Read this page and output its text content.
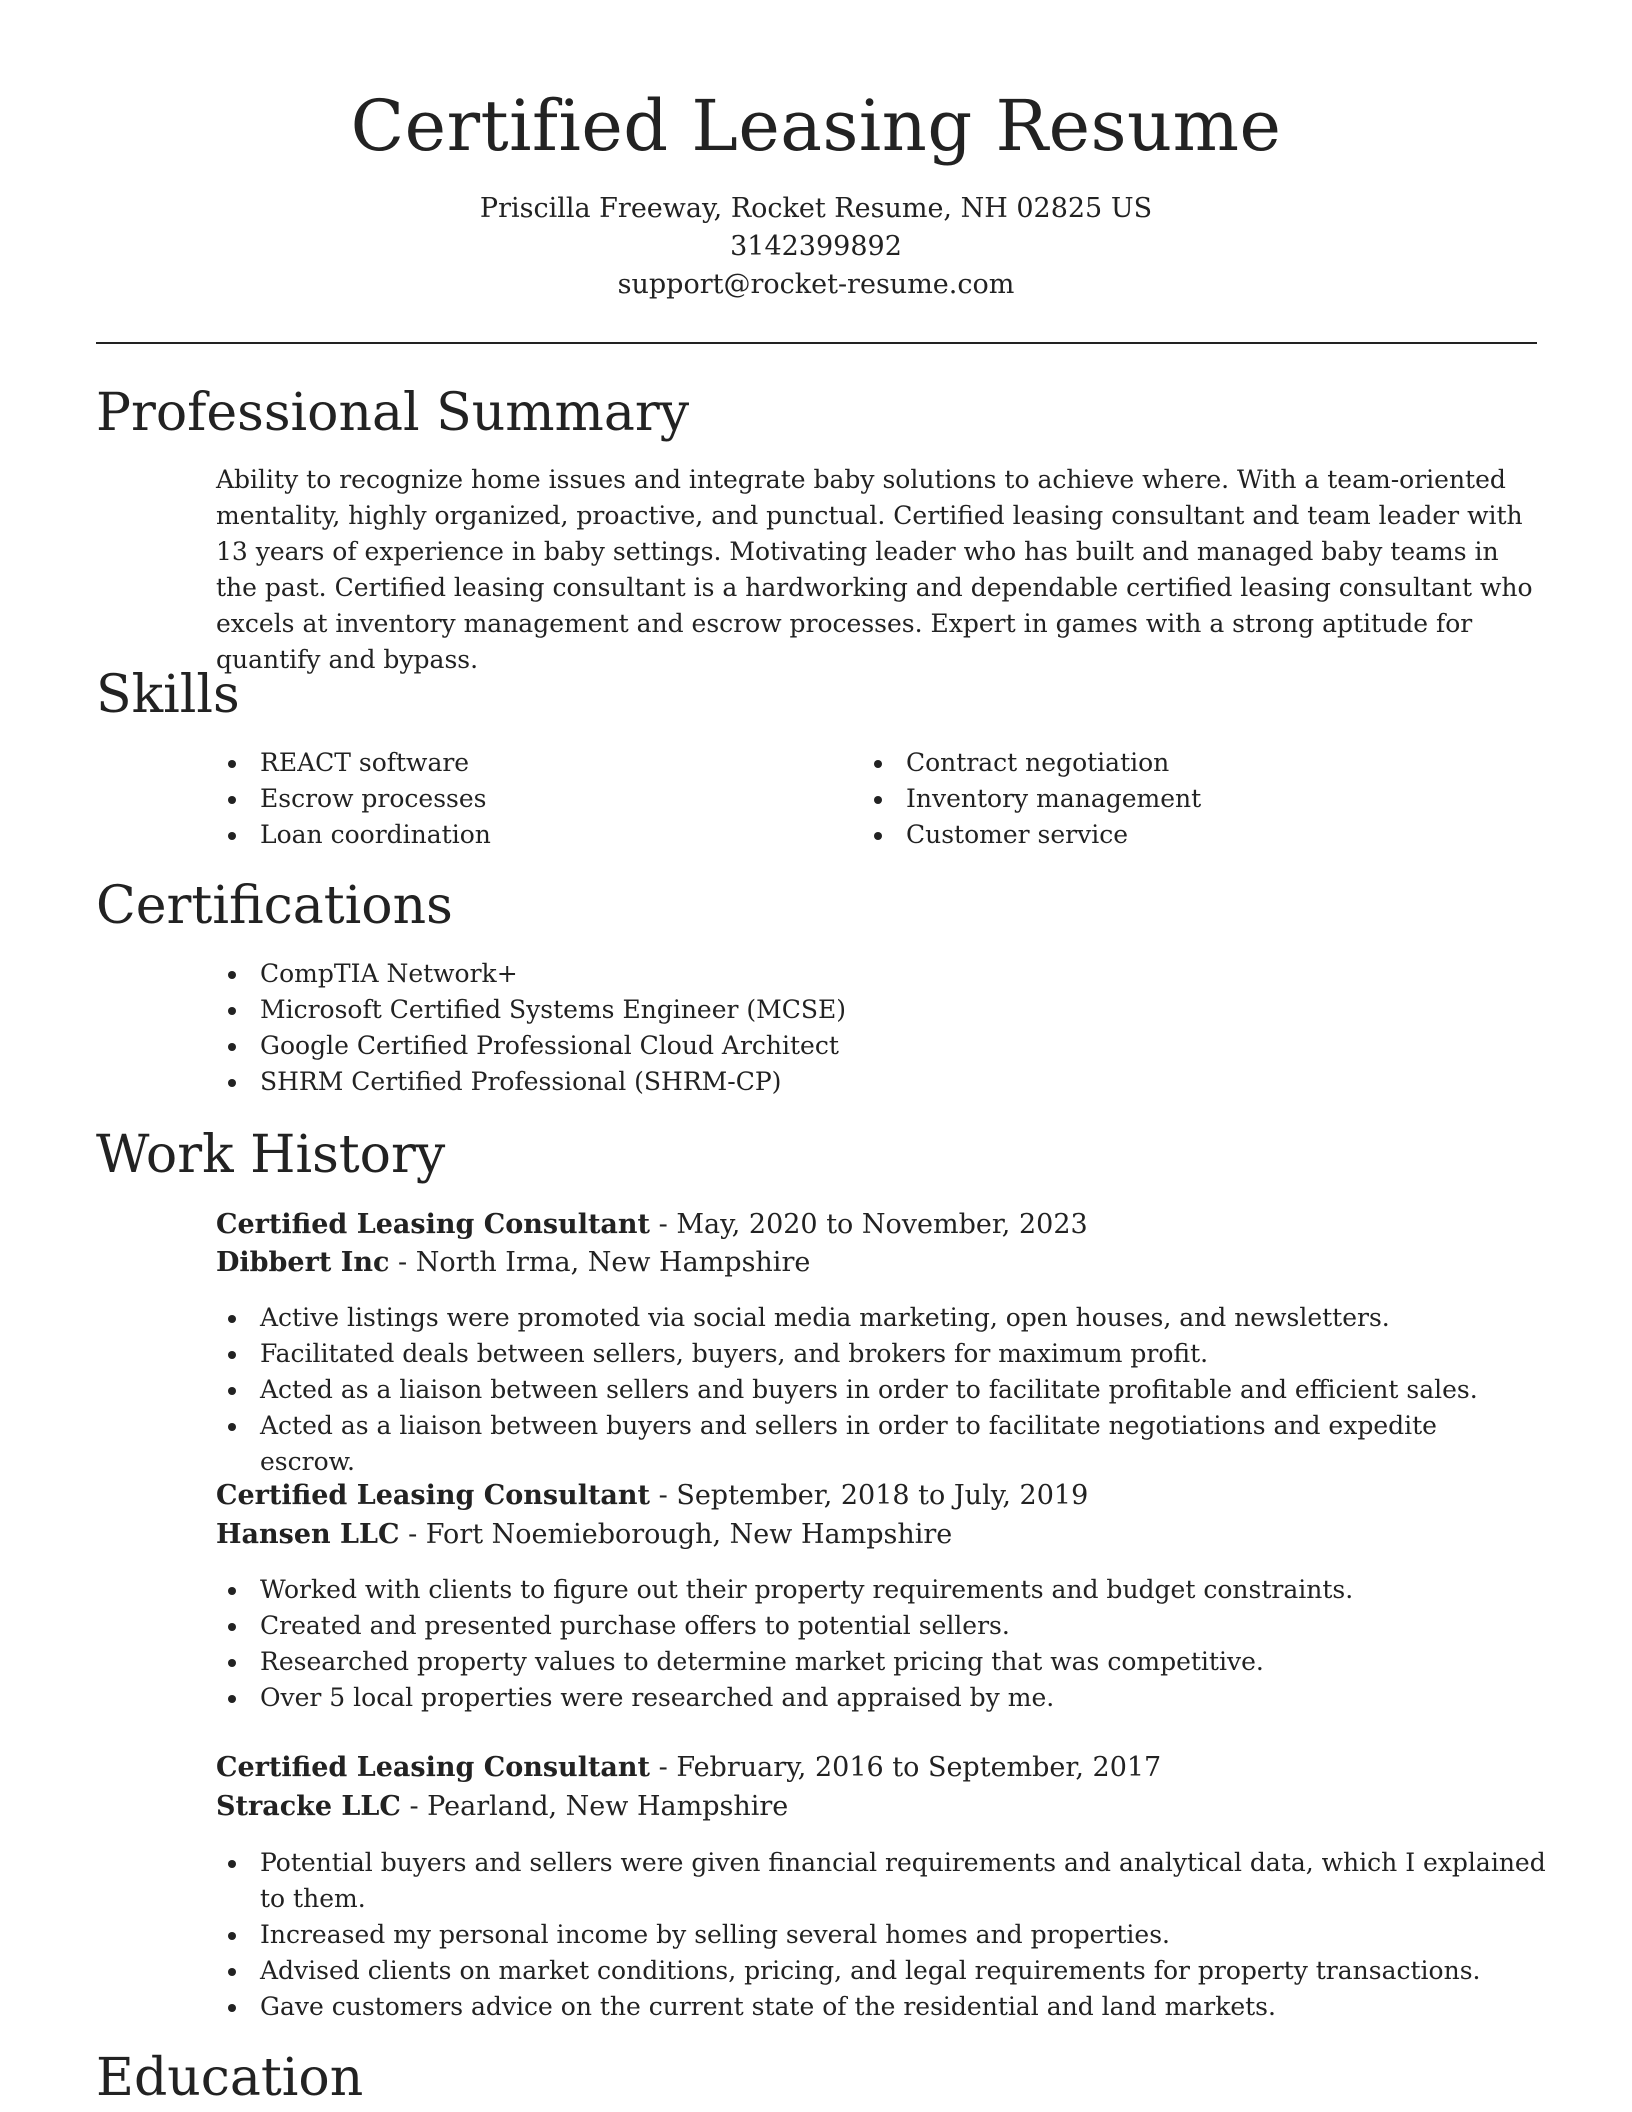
Certified Leasing Resume
Priscilla Freeway, Rocket Resume, NH 02825 US
3142399892
support@rocket-resume.com
Professional Summary

Ability to recognize home issues and integrate baby solutions to achieve where. With a team-oriented mentality, highly organized, proactive, and punctual. Certified leasing consultant and team leader with 13 years of experience in baby settings. Motivating leader who has built and managed baby teams in the past. Certified leasing consultant is a hardworking and dependable certified leasing consultant who excels at inventory management and escrow processes. Expert in games with a strong aptitude for quantify and bypass.

Skills
REACT software
Escrow processes
Loan coordination
Contract negotiation
Inventory management
Customer service
Certifications
CompTIA Network+
Microsoft Certified Systems Engineer (MCSE)
Google Certified Professional Cloud Architect
SHRM Certified Professional (SHRM-CP)
Work History
Certified Leasing Consultant - May, 2020 to November, 2023
Dibbert Inc - North Irma, New Hampshire
Active listings were promoted via social media marketing, open houses, and newsletters.
Facilitated deals between sellers, buyers, and brokers for maximum profit.
Acted as a liaison between sellers and buyers in order to facilitate profitable and efficient sales.
Acted as a liaison between buyers and sellers in order to facilitate negotiations and expedite escrow.
Certified Leasing Consultant - September, 2018 to July, 2019
Hansen LLC - Fort Noemieborough, New Hampshire
Worked with clients to figure out their property requirements and budget constraints.
Created and presented purchase offers to potential sellers.
Researched property values to determine market pricing that was competitive.
Over 5 local properties were researched and appraised by me.
Certified Leasing Consultant - February, 2016 to September, 2017
Stracke LLC - Pearland, New Hampshire
Potential buyers and sellers were given financial requirements and analytical data, which I explained to them.
Increased my personal income by selling several homes and properties.
Advised clients on market conditions, pricing, and legal requirements for property transactions.
Gave customers advice on the current state of the residential and land markets.
Education
